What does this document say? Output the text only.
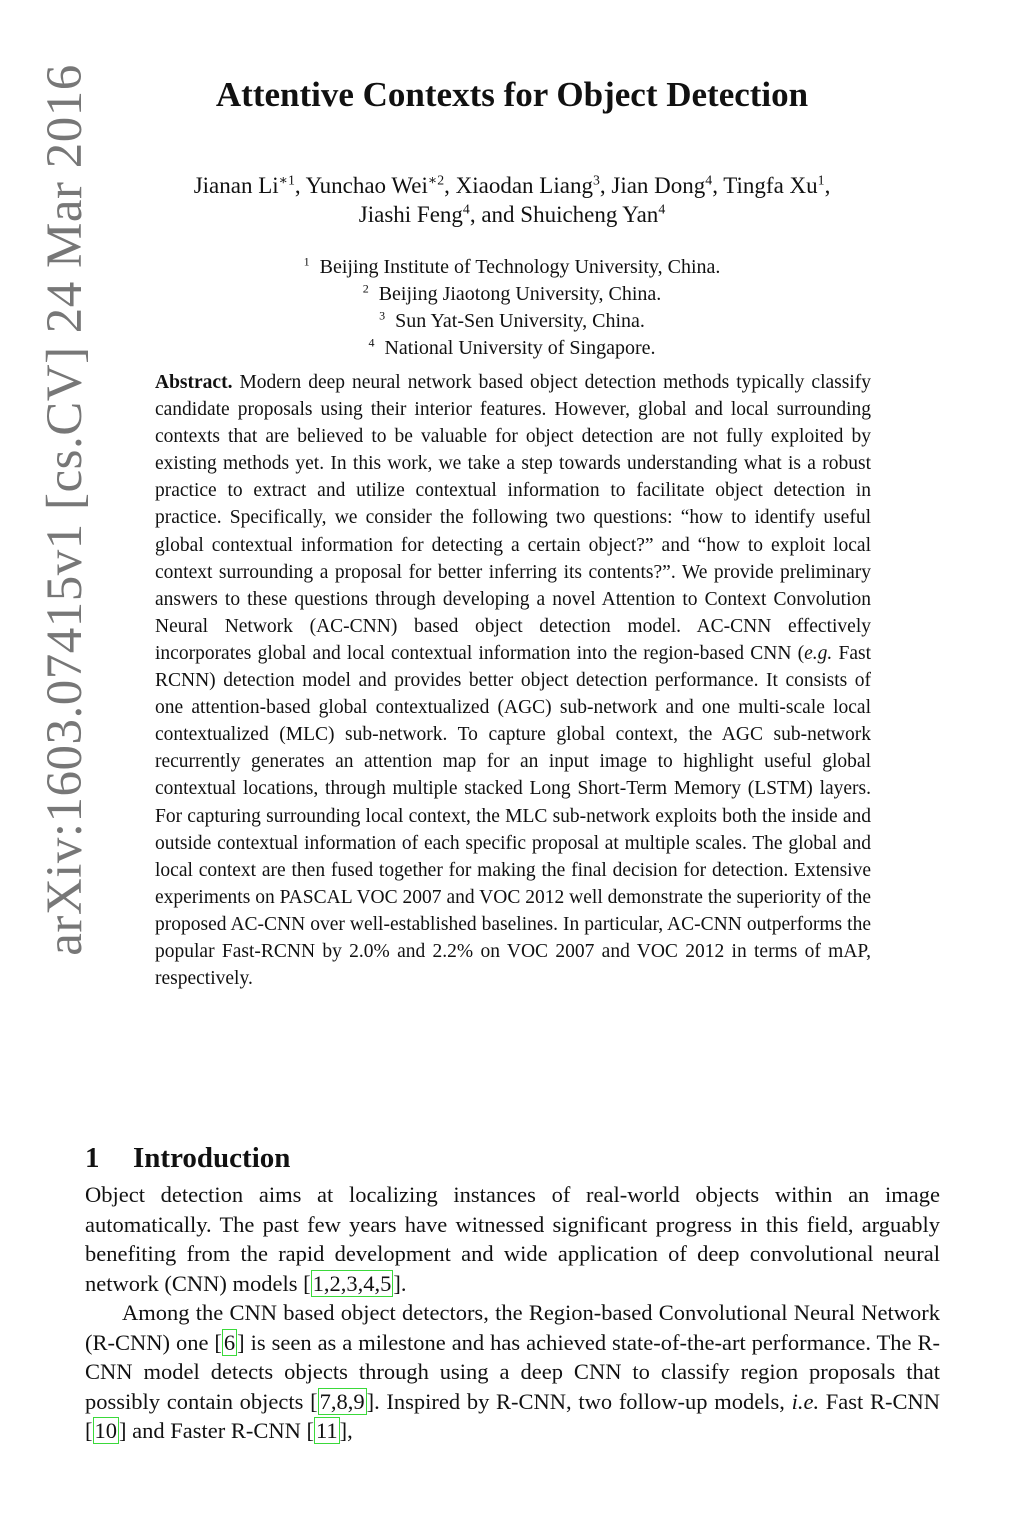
arXiv:1603.07415v1 [cs.CV] 24 Mar 2016	Attentive Contexts for Object Detection
Jianan $Li^{∗1}$, Yunchao Wei$^{∗2}$, Xiaodan Liang$^3$, Jian Dong$^4$, Tingfa Xu$^1$,
Jiashi Feng$^4$, and Shuicheng Yan$^4$
$^1$ Beijing Institute of Technology University, China.
$^2$ Beijing Jiaotong University, China.
$^3$ Sun Yat-Sen University, China.
$^4$ National University of Singapore.
Abstract. Modern deep neural network based object detection methods typically classify candidate proposals using their interior features. However, global and local surrounding contexts that are believed to be valuable for object detection are not fully exploited by existing methods yet. In this work, we take a step towards understanding what is a robust practice to extract and utilize contextual information to facilitate object detection in practice. Specifically, we consider the following two questions: “how to identify useful global contextual information for detecting a certain object?” and “how to exploit local context surrounding a proposal for better inferring its contents?”. We provide preliminary answers to these questions through developing a novel Attention to Context Convolution Neural Network (AC-CNN) based object detection model. AC-CNN effectively incorporates global and local contextual information into the region-based CNN (e.g. Fast RCNN) detection model and provides better object detection performance. It consists of one attention-based global contextualized (AGC) sub-network and one multi-scale local contextualized (MLC) sub-network. To capture global context, the AGC sub-network recurrently generates an attention map for an input image to highlight useful global contextual locations, through multiple stacked Long Short-Term Memory (LSTM) layers. For capturing surrounding local context, the MLC sub-network exploits both the inside and outside contextual information of each specific proposal at multiple scales. The global and local context are then fused together for making the final decision for detection. Extensive experiments on PASCAL VOC 2007 and VOC 2012 well demonstrate the superiority of the proposed AC-CNN over well-established baselines. In particular, AC-CNN outperforms the popular Fast-RCNN by 2.0% and 2.2% on VOC 2007 and VOC 2012 in terms of mAP, respectively.
1 Introduction

Object detection aims at localizing instances of real-world objects within an image automatically. The past few years have witnessed significant progress in this field, arguably benefiting from the rapid development and wide application of deep convolutional neural network (CNN) models [1,2,3,4,5].

Among the CNN based object detectors, the Region-based Convolutional Neural Network (R-CNN) one [6] is seen as a milestone and has achieved state-of-the-art performance. The R-CNN model detects objects through using a deep CNN to classify region proposals that possibly contain objects [7,8,9]. Inspired by R-CNN, two follow-up models, i.e. Fast R-CNN [10] and Faster R-CNN [11],
